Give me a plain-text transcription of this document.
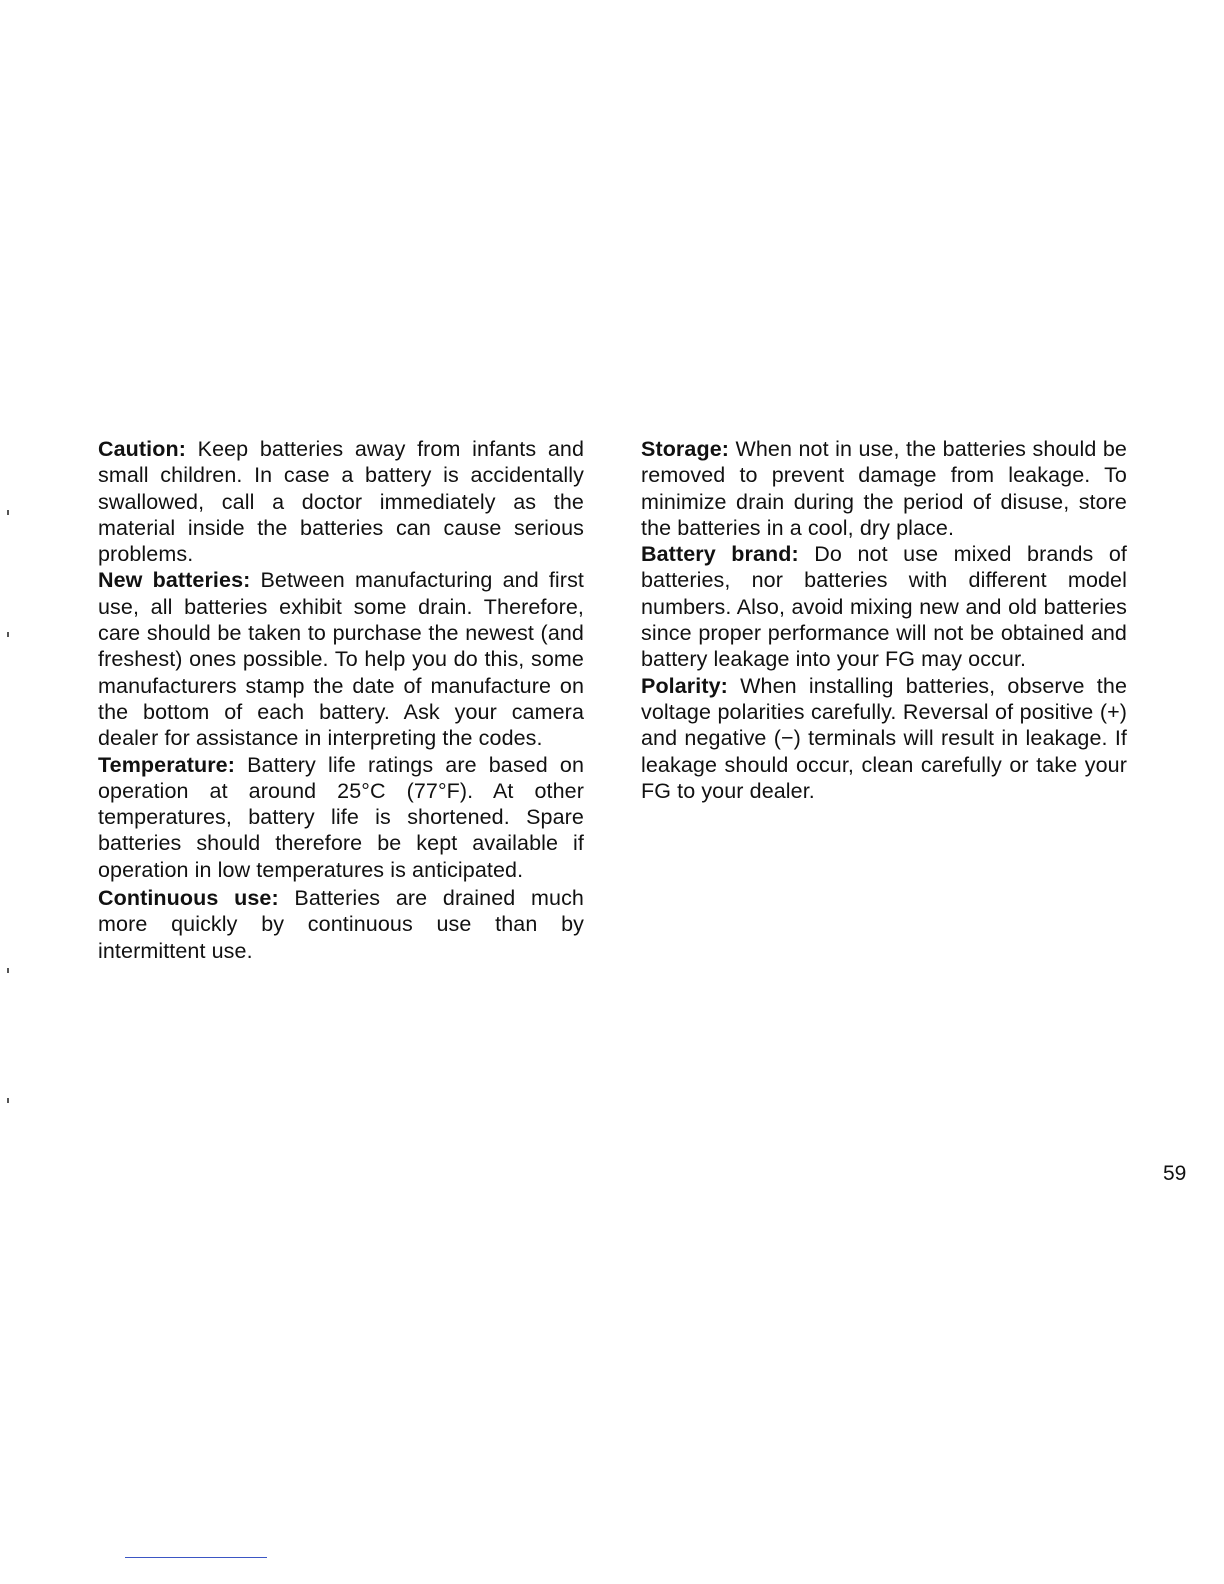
Caution: Keep batteries away from infants and small children. In case a battery is accidentally swallowed, call a doctor immediately as the material inside the batteries can cause serious problems.

New batteries: Between manufacturing and first use, all batteries exhibit some drain. Therefore, care should be taken to purchase the newest (and freshest) ones possible. To help you do this, some manufacturers stamp the date of manufacture on the bottom of each battery. Ask your camera dealer for assistance in interpreting the codes.

Temperature: Battery life ratings are based on operation at around 25°C (77°F). At other temperatures, battery life is shortened. Spare batteries should therefore be kept available if operation in low temperatures is anticipated.

Continuous use: Batteries are drained much more quickly by continuous use than by intermittent use.

Storage: When not in use, the batteries should be removed to prevent damage from leakage. To minimize drain during the period of disuse, store the batteries in a cool, dry place.

Battery brand: Do not use mixed brands of batteries, nor batteries with different model numbers. Also, avoid mixing new and old batteries since proper performance will not be obtained and battery leakage into your FG may occur.

Polarity: When installing batteries, observe the voltage polarities carefully. Reversal of positive (+) and negative (−) terminals will result in leakage. If leakage should occur, clean carefully or take your FG to your dealer.

59
